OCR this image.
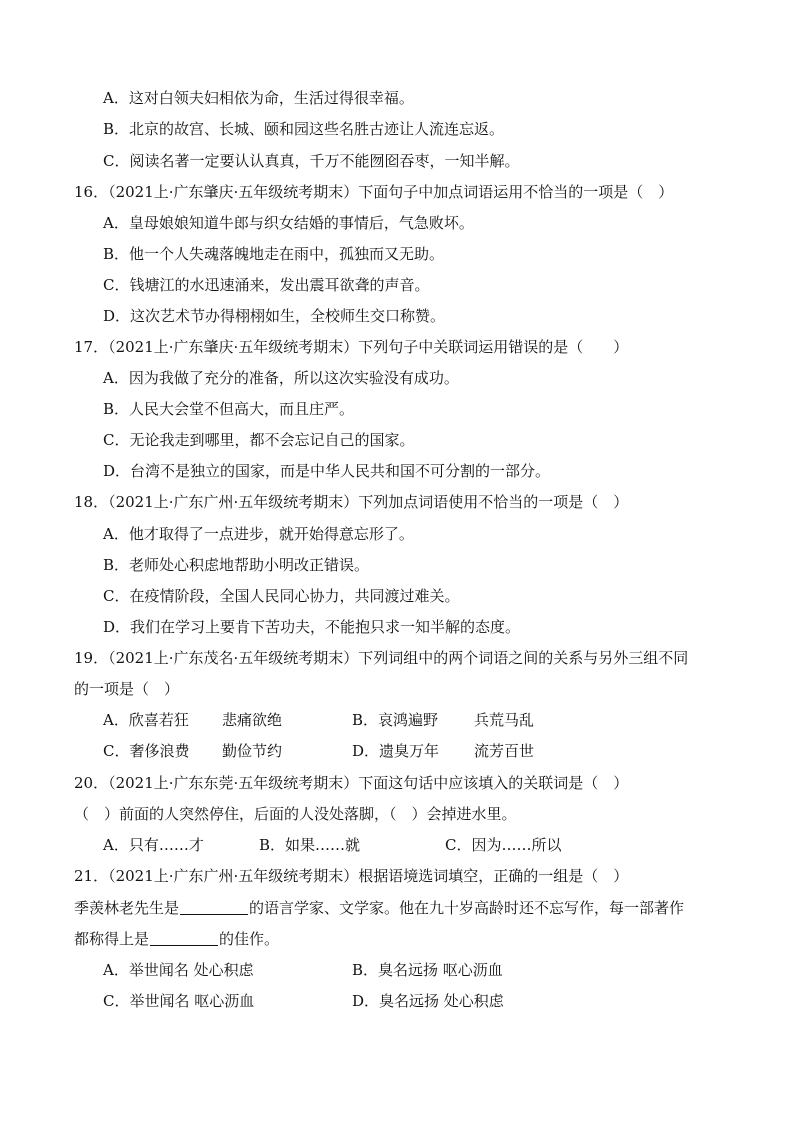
A．这对白领夫妇相依为命，生活过得很幸福。
B．北京的故宫、长城、颐和园这些名胜古迹让人流连忘返。
C．阅读名著一定要认认真真，千万不能囫囵吞枣，一知半解。
16．（2021上·广东肇庆·五年级统考期末）下面句子中加点词语运用不恰当的一项是（　）
A．皇母娘娘知道牛郎与织女结婚的事情后，气急败坏。
B．他一个人失魂落魄地走在雨中，孤独而又无助。
C．钱塘江的水迅速涌来，发出震耳欲聋的声音。
D．这次艺术节办得栩栩如生，全校师生交口称赞。
17．（2021上·广东肇庆·五年级统考期末）下列句子中关联词运用错误的是（　　）
A．因为我做了充分的准备，所以这次实验没有成功。
B．人民大会堂不但高大，而且庄严。
C．无论我走到哪里，都不会忘记自己的国家。
D．台湾不是独立的国家，而是中华人民共和国不可分割的一部分。
18．（2021上·广东广州·五年级统考期末）下列加点词语使用不恰当的一项是（　）
A．他才取得了一点进步，就开始得意忘形了。
B．老师处心积虑地帮助小明改正错误。
C．在疫情阶段，全国人民同心协力，共同渡过难关。
D．我们在学习上要肯下苦功夫，不能抱只求一知半解的态度。
19．（2021上·广东茂名·五年级统考期末）下列词组中的两个词语之间的关系与另外三组不同
的一项是（　）
A．欣喜若狂 悲痛欲绝	B．哀鸿遍野 兵荒马乱
C．奢侈浪费 勤俭节约	D．遗臭万年 流芳百世
20．（2021上·广东东莞·五年级统考期末）下面这句话中应该填入的关联词是（　）
（　）前面的人突然停住，后面的人没处落脚，（　）会掉进水里。
A．只有……才	B．如果……就	C．因为……所以
21．（2021上·广东广州·五年级统考期末）根据语境选词填空，正确的一组是（　）
季羡林老先生是	的语言学家、文学家。他在九十岁高龄时还不忘写作，每一部著作
都称得上是	的佳作。
A．举世闻名 处心积虑	B．臭名远扬 呕心沥血
C．举世闻名 呕心沥血	D．臭名远扬 处心积虑
